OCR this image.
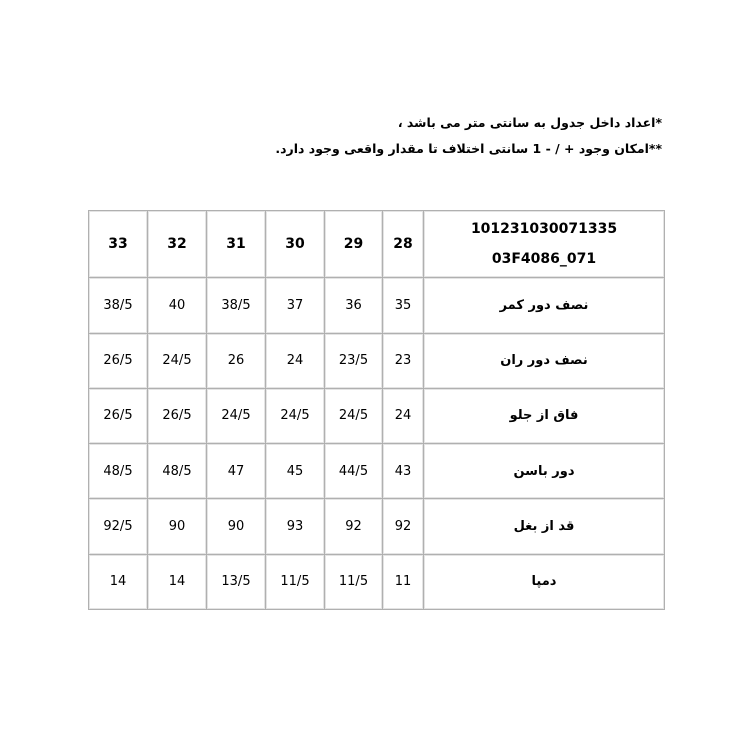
*اعداد داخل جدول به سانتی متر می باشد ،
**امکان وجود + / - 1 سانتی اختلاف تا مقدار واقعی وجود دارد.
101231030071335
03F4086_071	28	29	30	31	32	33
نصف دور کمر	35	36	37	38/5	40	38/5
نصف دور ران	23	23/5	24	26	24/5	26/5
فاق از جلو	24	24/5	24/5	24/5	26/5	26/5
دور باسن	43	44/5	45	47	48/5	48/5
قد از بغل	92	92	93	90	90	92/5
دمپا	11	11/5	11/5	13/5	14	14
